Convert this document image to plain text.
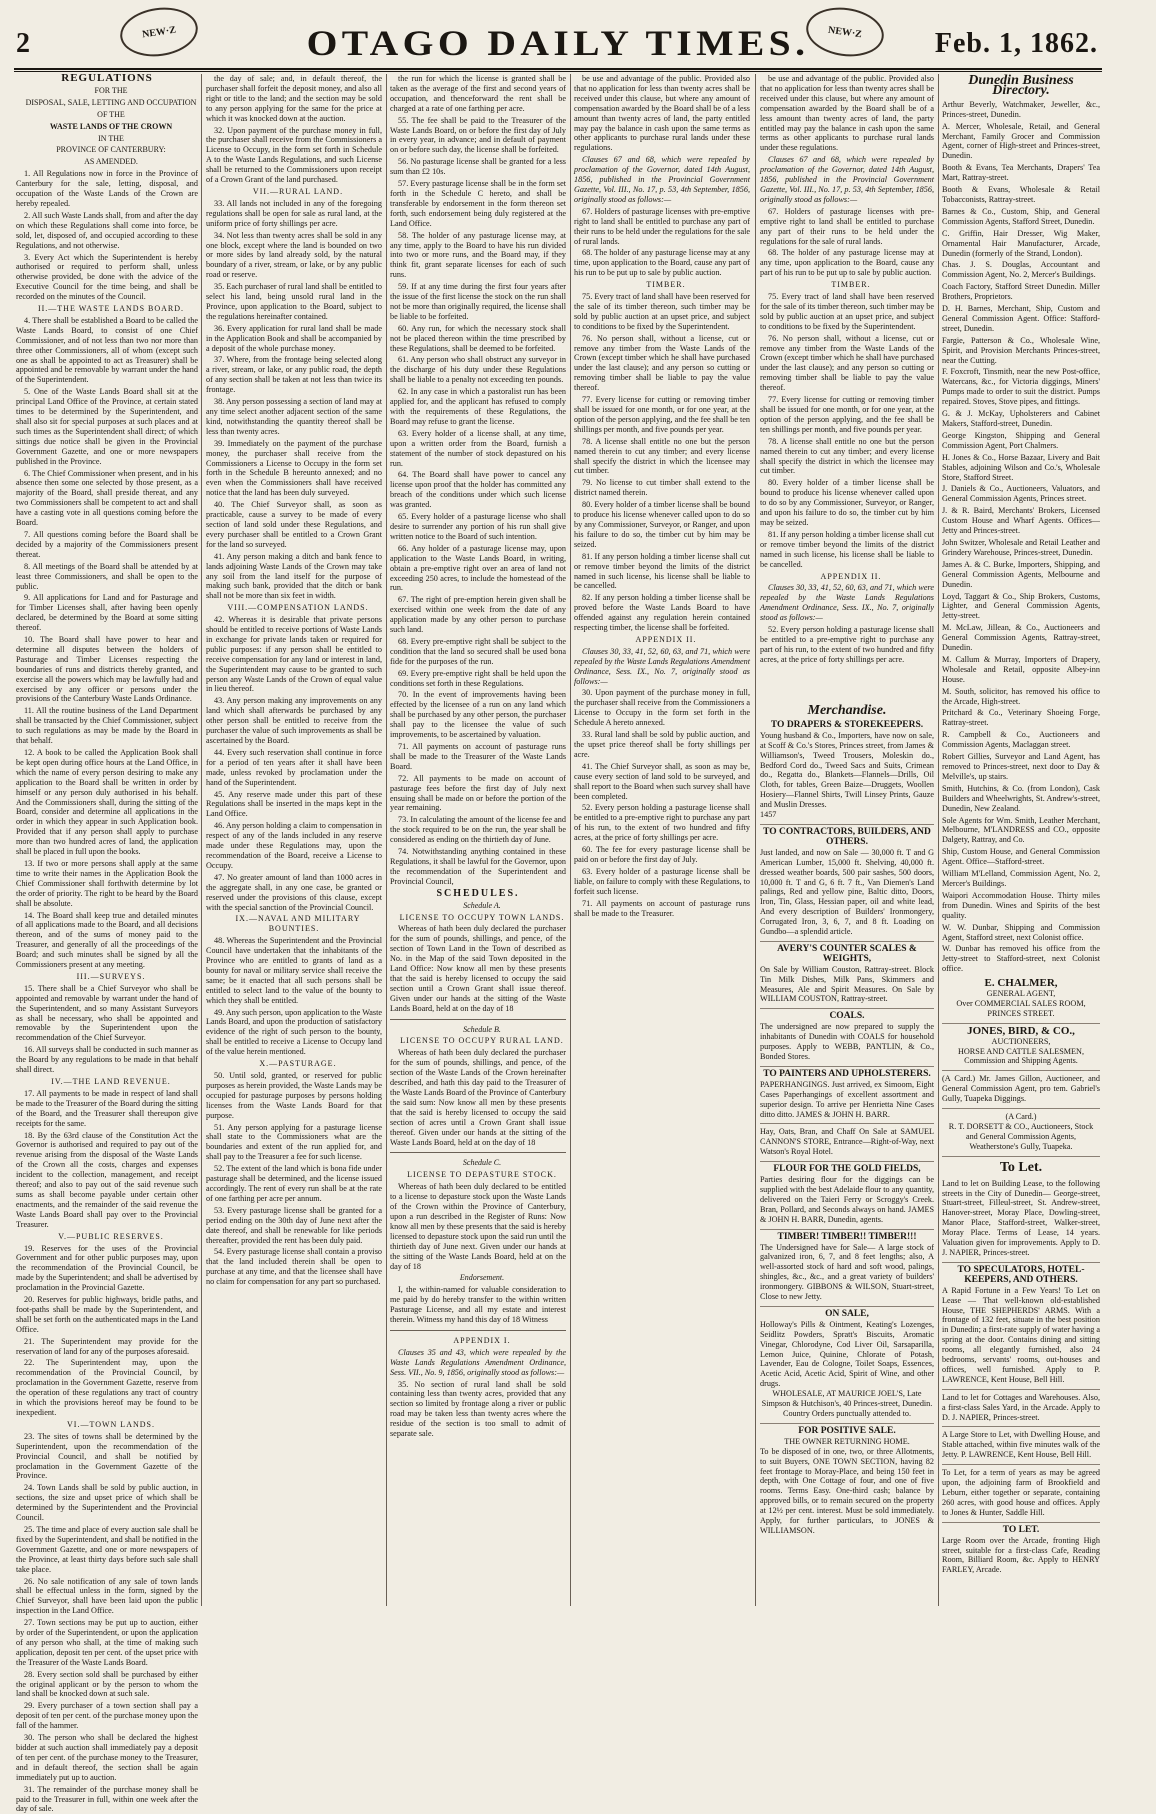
2	NEW·Z	OTAGO DAILY TIMES.	NEW·Z	Feb. 1, 1862.

REGULATIONS

FOR THE

DISPOSAL, SALE, LETTING AND OCCUPATION

OF THE

WASTE LANDS OF THE CROWN

IN THE

PROVINCE OF CANTERBURY:

AS AMENDED.

1. All Regulations now in force in the Province of Canterbury for the sale, letting, disposal, and occupation of the Waste Lands of the Crown are hereby repealed.

2. All such Waste Lands shall, from and after the day on which these Regulations shall come into force, be sold, let, disposed of, and occupied according to these Regulations, and not otherwise.

3. Every Act which the Superintendent is hereby authorised or required to perform shall, unless otherwise provided, be done with the advice of the Executive Council for the time being, and shall be recorded on the minutes of the Council.

II.—THE WASTE LANDS BOARD.

4. There shall be established a Board to be called the Waste Lands Board, to consist of one Chief Commissioner, and of not less than two nor more than three other Commissioners, all of whom (except such one as shall be appointed to act as Treasurer) shall be appointed and be removable by warrant under the hand of the Superintendent.

5. One of the Waste Lands Board shall sit at the principal Land Office of the Province, at certain stated times to be determined by the Superintendent, and shall also sit for special purposes at such places and at such times as the Superintendent shall direct; of which sittings due notice shall be given in the Provincial Government Gazette, and one or more newspapers published in the Province.

6. The Chief Commissioner when present, and in his absence then some one selected by those present, as a majority of the Board, shall preside thereat, and any two Commissioners shall be competent to act and shall have a casting vote in all questions coming before the Board.

7. All questions coming before the Board shall be decided by a majority of the Commissioners present thereat.

8. All meetings of the Board shall be attended by at least three Commissioners, and shall be open to the public.

9. All applications for Land and for Pasturage and for Timber Licenses shall, after having been openly declared, be determined by the Board at some sitting thereof.

10. The Board shall have power to hear and determine all disputes between the holders of Pasturage and Timber Licenses respecting the boundaries of runs and districts thereby granted, and exercise all the powers which may be lawfully had and exercised by any officer or persons under the provisions of the Canterbury Waste Lands Ordinance.

11. All the routine business of the Land Department shall be transacted by the Chief Commissioner, subject to such regulations as may be made by the Board in that behalf.

12. A book to be called the Application Book shall be kept open during office hours at the Land Office, in which the name of every person desiring to make any application to the Board shall be written in order by himself or any person duly authorised in his behalf. And the Commissioners shall, during the sitting of the Board, consider and determine all applications in the order in which they appear in such Application book. Provided that if any person shall apply to purchase more than two hundred acres of land, the application shall be placed in full upon the books.

13. If two or more persons shall apply at the same time to write their names in the Application Book the Chief Commissioner shall forthwith determine by lot the order of priority. The right to be heard by the Board shall be absolute.

14. The Board shall keep true and detailed minutes of all applications made to the Board, and all decisions thereon, and of the sums of money paid to the Treasurer, and generally of all the proceedings of the Board; and such minutes shall be signed by all the Commissioners present at any meeting.

III.—SURVEYS.

15. There shall be a Chief Surveyor who shall be appointed and removable by warrant under the hand of the Superintendent, and so many Assistant Surveyors as shall be necessary, who shall be appointed and removable by the Superintendent upon the recommendation of the Chief Surveyor.

16. All surveys shall be conducted in such manner as the Board by any regulations to be made in that behalf shall direct.

IV.—THE LAND REVENUE.

17. All payments to be made in respect of land shall be made to the Treasurer of the Board during the sitting of the Board, and the Treasurer shall thereupon give receipts for the same.

18. By the 63rd clause of the Constitution Act the Governor is authorised and required to pay out of the revenue arising from the disposal of the Waste Lands of the Crown all the costs, charges and expenses incident to the collection, management, and receipt thereof; and also to pay out of the said revenue such sums as shall become payable under certain other enactments, and the remainder of the said revenue the Waste Lands Board shall pay over to the Provincial Treasurer.

V.—PUBLIC RESERVES.

19. Reserves for the uses of the Provincial Government and for other public purposes may, upon the recommendation of the Provincial Council, be made by the Superintendent; and shall be advertised by proclamation in the Provincial Gazette.

20. Reserves for public highways, bridle paths, and foot-paths shall be made by the Superintendent, and shall be set forth on the authenticated maps in the Land Office.

21. The Superintendent may provide for the reservation of land for any of the purposes aforesaid.

22. The Superintendent may, upon the recommendation of the Provincial Council, by proclamation in the Government Gazette, reserve from the operation of these regulations any tract of country in which the provisions hereof may be found to be inexpedient.

VI.—TOWN LANDS.

23. The sites of towns shall be determined by the Superintendent, upon the recommendation of the Provincial Council, and shall be notified by proclamation in the Government Gazette of the Province.

24. Town Lands shall be sold by public auction, in sections, the size and upset price of which shall be determined by the Superintendent and the Provincial Council.

25. The time and place of every auction sale shall be fixed by the Superintendent, and shall be notified in the Government Gazette, and one or more newspapers of the Province, at least thirty days before such sale shall take place.

26. No sale notification of any sale of town lands shall be effectual unless in the form, signed by the Chief Surveyor, shall have been laid upon the public inspection in the Land Office.

27. Town sections may be put up to auction, either by order of the Superintendent, or upon the application of any person who shall, at the time of making such application, deposit ten per cent. of the upset price with the Treasurer of the Waste Lands Board.

28. Every section sold shall be purchased by either the original applicant or by the person to whom the land shall be knocked down at such sale.

29. Every purchaser of a town section shall pay a deposit of ten per cent. of the purchase money upon the fall of the hammer.

30. The person who shall be declared the highest bidder at such auction shall immediately pay a deposit of ten per cent. of the purchase money to the Treasurer, and in default thereof, the section shall be again immediately put up to auction.

31. The remainder of the purchase money shall be paid to the Treasurer in full, within one week after the day of sale.

the day of sale; and, in default thereof, the purchaser shall forfeit the deposit money, and also all right or title to the land; and the section may be sold to any person applying for the same for the price at which it was knocked down at the auction.

32. Upon payment of the purchase money in full, the purchaser shall receive from the Commissioners a License to Occupy, in the form set forth in Schedule A to the Waste Lands Regulations, and such License shall be returned to the Commissioners upon receipt of a Crown Grant of the land purchased.

VII.—RURAL LAND.

33. All lands not included in any of the foregoing regulations shall be open for sale as rural land, at the uniform price of forty shillings per acre.

34. Not less than twenty acres shall be sold in any one block, except where the land is bounded on two or more sides by land already sold, by the natural boundary of a river, stream, or lake, or by any public road or reserve.

35. Each purchaser of rural land shall be entitled to select his land, being unsold rural land in the Province, upon application to the Board, subject to the regulations hereinafter contained.

36. Every application for rural land shall be made in the Application Book and shall be accompanied by a deposit of the whole purchase money.

37. Where, from the frontage being selected along a river, stream, or lake, or any public road, the depth of any section shall be taken at not less than twice its frontage.

38. Any person possessing a section of land may at any time select another adjacent section of the same kind, notwithstanding the quantity thereof shall be less than twenty acres.

39. Immediately on the payment of the purchase money, the purchaser shall receive from the Commissioners a License to Occupy in the form set forth in the Schedule B hereunto annexed; and no even when the Commissioners shall have received notice that the land has been duly surveyed.

40. The Chief Surveyor shall, as soon as practicable, cause a survey to be made of every section of land sold under these Regulations, and every purchaser shall be entitled to a Crown Grant for the land so surveyed.

41. Any person making a ditch and bank fence to lands adjoining Waste Lands of the Crown may take any soil from the land itself for the purpose of making such bank, provided that the ditch or bank shall not be more than six feet in width.

VIII.—COMPENSATION LANDS.

42. Whereas it is desirable that private persons should be entitled to receive portions of Waste Lands in exchange for private lands taken or required for public purposes: if any person shall be entitled to receive compensation for any land or interest in land, the Superintendent may cause to be granted to such person any Waste Lands of the Crown of equal value in lieu thereof.

43. Any person making any improvements on any land which shall afterwards be purchased by any other person shall be entitled to receive from the purchaser the value of such improvements as shall be ascertained by the Board.

44. Every such reservation shall continue in force for a period of ten years after it shall have been made, unless revoked by proclamation under the hand of the Superintendent.

45. Any reserve made under this part of these Regulations shall be inserted in the maps kept in the Land Office.

46. Any person holding a claim to compensation in respect of any of the lands included in any reserve made under these Regulations may, upon the recommendation of the Board, receive a License to Occupy.

47. No greater amount of land than 1000 acres in the aggregate shall, in any one case, be granted or reserved under the provisions of this clause, except with the special sanction of the Provincial Council.

IX.—NAVAL AND MILITARY BOUNTIES.

48. Whereas the Superintendent and the Provincial Council have undertaken that the inhabitants of the Province who are entitled to grants of land as a bounty for naval or military service shall receive the same; be it enacted that all such persons shall be entitled to select land to the value of the bounty to which they shall be entitled.

49. Any such person, upon application to the Waste Lands Board, and upon the production of satisfactory evidence of the right of such person to the bounty, shall be entitled to receive a License to Occupy land of the value herein mentioned.

X.—PASTURAGE.

50. Until sold, granted, or reserved for public purposes as herein provided, the Waste Lands may be occupied for pasturage purposes by persons holding licenses from the Waste Lands Board for that purpose.

51. Any person applying for a pasturage license shall state to the Commissioners what are the boundaries and extent of the run applied for, and shall pay to the Treasurer a fee for such license.

52. The extent of the land which is bona fide under pasturage shall be determined, and the license issued accordingly. The rent of every run shall be at the rate of one farthing per acre per annum.

53. Every pasturage license shall be granted for a period ending on the 30th day of June next after the date thereof, and shall be renewable for like periods thereafter, provided the rent has been duly paid.

54. Every pasturage license shall contain a proviso that the land included therein shall be open to purchase at any time, and that the licensee shall have no claim for compensation for any part so purchased.

the run for which the license is granted shall be taken as the average of the first and second years of occupation, and thenceforward the rent shall be charged at a rate of one farthing per acre.

55. The fee shall be paid to the Treasurer of the Waste Lands Board, on or before the first day of July in every year, in advance; and in default of payment on or before such day, the license shall be forfeited.

56. No pasturage license shall be granted for a less sum than £2 10s.

57. Every pasturage license shall be in the form set forth in the Schedule C hereto, and shall be transferable by endorsement in the form thereon set forth, such endorsement being duly registered at the Land Office.

58. The holder of any pasturage license may, at any time, apply to the Board to have his run divided into two or more runs, and the Board may, if they think fit, grant separate licenses for each of such runs.

59. If at any time during the first four years after the issue of the first license the stock on the run shall not be more than originally required, the license shall be liable to be forfeited.

60. Any run, for which the necessary stock shall not be placed thereon within the time prescribed by these Regulations, shall be deemed to be forfeited.

61. Any person who shall obstruct any surveyor in the discharge of his duty under these Regulations shall be liable to a penalty not exceeding ten pounds.

62. In any case in which a pastoralist run has been applied for, and the applicant has refused to comply with the requirements of these Regulations, the Board may refuse to grant the license.

63. Every holder of a license shall, at any time, upon a written order from the Board, furnish a statement of the number of stock depastured on his run.

64. The Board shall have power to cancel any license upon proof that the holder has committed any breach of the conditions under which such license was granted.

65. Every holder of a pasturage license who shall desire to surrender any portion of his run shall give written notice to the Board of such intention.

66. Any holder of a pasturage license may, upon application to the Waste Lands Board, in writing, obtain a pre-emptive right over an area of land not exceeding 250 acres, to include the homestead of the run.

67. The right of pre-emption herein given shall be exercised within one week from the date of any application made by any other person to purchase such land.

68. Every pre-emptive right shall be subject to the condition that the land so secured shall be used bona fide for the purposes of the run.

69. Every pre-emptive right shall be held upon the conditions set forth in these Regulations.

70. In the event of improvements having been effected by the licensee of a run on any land which shall be purchased by any other person, the purchaser shall pay to the licensee the value of such improvements, to be ascertained by valuation.

71. All payments on account of pasturage runs shall be made to the Treasurer of the Waste Lands Board.

72. All payments to be made on account of pasturage fees before the first day of July next ensuing shall be made on or before the portion of the year remaining.

73. In calculating the amount of the license fee and the stock required to be on the run, the year shall be considered as ending on the thirtieth day of June.

74. Notwithstanding anything contained in these Regulations, it shall be lawful for the Governor, upon the recommendation of the Superintendent and Provincial Council,

SCHEDULES.

Schedule A.

LICENSE TO OCCUPY TOWN LANDS.

Whereas of hath been duly declared the purchaser for the sum of pounds, shillings, and pence, of the section of Town Land in the Town of described as No. in the Map of the said Town deposited in the Land Office: Now know all men by these presents that the said is hereby licensed to occupy the said section until a Crown Grant shall issue thereof. Given under our hands at the sitting of the Waste Lands Board, held at on the day of 18

Schedule B.

LICENSE TO OCCUPY RURAL LAND.

Whereas of hath been duly declared the purchaser for the sum of pounds, shillings, and pence, of the section of the Waste Lands of the Crown hereinafter described, and hath this day paid to the Treasurer of the Waste Lands Board of the Province of Canterbury the said sum: Now know all men by these presents that the said is hereby licensed to occupy the said section of acres until a Crown Grant shall issue thereof. Given under our hands at the sitting of the Waste Lands Board, held at on the day of 18

Schedule C.

LICENSE TO DEPASTURE STOCK.

Whereas of hath been duly declared to be entitled to a license to depasture stock upon the Waste Lands of the Crown within the Province of Canterbury, upon a run described in the Register of Runs: Now know all men by these presents that the said is hereby licensed to depasture stock upon the said run until the thirtieth day of June next. Given under our hands at the sitting of the Waste Lands Board, held at on the day of 18

Endorsement.

I, the within-named for valuable consideration to me paid by do hereby transfer to the within written Pasturage License, and all my estate and interest therein. Witness my hand this day of 18 Witness

APPENDIX I.

Clauses 35 and 43, which were repealed by the Waste Lands Regulations Amendment Ordinance, Sess. VII., No. 9, 1856, originally stood as follows:—

35. No section of rural land shall be sold containing less than twenty acres, provided that any section so limited by frontage along a river or public road may be taken less than twenty acres where the residue of the section is too small to admit of separate sale.

be use and advantage of the public. Provided also that no application for less than twenty acres shall be received under this clause, but where any amount of compensation awarded by the Board shall be of a less amount than twenty acres of land, the party entitled may pay the balance in cash upon the same terms as other applicants to purchase rural lands under these regulations.

Clauses 67 and 68, which were repealed by proclamation of the Governor, dated 14th August, 1856, published in the Provincial Government Gazette, Vol. III., No. 17, p. 53, 4th September, 1856, originally stood as follows:—

67. Holders of pasturage licenses with pre-emptive right to land shall be entitled to purchase any part of their runs to be held under the regulations for the sale of rural lands.

68. The holder of any pasturage license may at any time, upon application to the Board, cause any part of his run to be put up to sale by public auction.

TIMBER.

75. Every tract of land shall have been reserved for the sale of its timber thereon, such timber may be sold by public auction at an upset price, and subject to conditions to be fixed by the Superintendent.

76. No person shall, without a license, cut or remove any timber from the Waste Lands of the Crown (except timber which he shall have purchased under the last clause); and any person so cutting or removing timber shall be liable to pay the value thereof.

77. Every license for cutting or removing timber shall be issued for one month, or for one year, at the option of the person applying, and the fee shall be ten shillings per month, and five pounds per year.

78. A license shall entitle no one but the person named therein to cut any timber; and every license shall specify the district in which the licensee may cut timber.

79. No license to cut timber shall extend to the district named therein.

80. Every holder of a timber license shall be bound to produce his license whenever called upon to do so by any Commissioner, Surveyor, or Ranger, and upon his failure to do so, the timber cut by him may be seized.

81. If any person holding a timber license shall cut or remove timber beyond the limits of the district named in such license, his license shall be liable to be cancelled.

82. If any person holding a timber license shall be proved before the Waste Lands Board to have offended against any regulation herein contained respecting timber, the license shall be forfeited.

APPENDIX II.

Clauses 30, 33, 41, 52, 60, 63, and 71, which were repealed by the Waste Lands Regulations Amendment Ordinance, Sess. IX., No. 7, originally stood as follows:—

30. Upon payment of the purchase money in full, the purchaser shall receive from the Commissioners a License to Occupy in the form set forth in the Schedule A hereto annexed.

33. Rural land shall be sold by public auction, and the upset price thereof shall be forty shillings per acre.

41. The Chief Surveyor shall, as soon as may be, cause every section of land sold to be surveyed, and shall report to the Board when such survey shall have been completed.

52. Every person holding a pasturage license shall be entitled to a pre-emptive right to purchase any part of his run, to the extent of two hundred and fifty acres, at the price of forty shillings per acre.

60. The fee for every pasturage license shall be paid on or before the first day of July.

63. Every holder of a pasturage license shall be liable, on failure to comply with these Regulations, to forfeit such license.

71. All payments on account of pasturage runs shall be made to the Treasurer.

Merchandise.
TO DRAPERS & STOREKEEPERS.
Young husband & Co., Importers, have now on sale, at Scoff & Co.'s Stores, Princes street, from James & Williamson's, Tweed Trousers, Moleskin do., Bedford Cord do., Tweed Sacs and Suits, Crimean do., Regatta do., Blankets—Flannels—Drills, Oil Cloth, for tables, Green Baize—Druggets, Woollen Hosiery—Flannel Shirts, Twill Linsey Prints, Gauze and Muslin Dresses.
1457
TO CONTRACTORS, BUILDERS, AND OTHERS.
Just landed, and now on Sale — 30,000 ft. T and G American Lumber, 15,000 ft. Shelving, 40,000 ft. dressed weather boards, 500 pair sashes, 500 doors, 10,000 ft. T and G, 6 ft. 7 ft., Van Diemen's Land palings, Red and yellow pine, Baltic ditto, Doors, Iron, Tin, Glass, Hessian paper, oil and white lead, And every description of Builders' Ironmongery, Corrugated Iron, 3, 6, 7, and 8 ft. Loading on Gundbo—a splendid article.
AVERY'S COUNTER SCALES & WEIGHTS,
On Sale by William Couston, Rattray-street. Block Tin Milk Dishes, Milk Pans, Skimmers and Measures, Ale and Spirit Measures. On Sale by WILLIAM COUSTON, Rattray-street.
COALS.
The undersigned are now prepared to supply the inhabitants of Dunedin with COALS for household purposes. Apply to WEBB, PANTLIN, & Co., Bonded Stores.
TO PAINTERS AND UPHOLSTERERS.
PAPERHANGINGS. Just arrived, ex Simoom, Eight Cases Paperhangings of excellent assortment and superior design. To arrive per Henrietta Nine Cases ditto ditto. JAMES & JOHN H. BARR.
Hay, Oats, Bran, and Chaff On Sale at SAMUEL CANNON'S STORE, Entrance—Right-of-Way, next Watson's Royal Hotel.
FLOUR FOR THE GOLD FIELDS,
Parties desiring flour for the diggings can be supplied with the best Adelaide flour to any quantity, delivered on the Taieri Ferry or Scroggy's Creek. Bran, Pollard, and Seconds always on hand. JAMES & JOHN H. BARR, Dunedin, agents.
TIMBER! TIMBER!! TIMBER!!!
The Undersigned have for Sale— A large stock of galvanized iron, 6, 7, and 8 feet lengths; also, A well-assorted stock of hard and soft wood, palings, shingles, &c., &c., and a great variety of builders' ironmongery. GIBBONS & WILSON, Stuart-street, Close to new Jetty.
ON SALE,
Holloway's Pills & Ointment, Keating's Lozenges, Seidlitz Powders, Spratt's Biscuits, Aromatic Vinegar, Chlorodyne, Cod Liver Oil, Sarsaparilla, Lemon Juice, Quinine, Chlorate of Potash, Lavender, Eau de Cologne, Toilet Soaps, Essences, Acetic Acid, Acetic Acid, Spirit of Wine, and other drugs.
WHOLESALE, AT MAURICE JOEL'S, Late Simpson & Hutchison's, 40 Princes-street, Dunedin. Country Orders punctually attended to.
FOR POSITIVE SALE.
THE OWNER RETURNING HOME.
To be disposed of in one, two, or three Allotments, to suit Buyers, ONE TOWN SECTION, having 82 feet frontage to Moray-Place, and being 150 feet in depth, with One Cottage of four, and one of five rooms. Terms Easy. One-third cash; balance by approved bills, or to remain secured on the property at 12½ per cent. interest. Must be sold immediately. Apply, for further particulars, to JONES & WILLIAMSON.

be use and advantage of the public. Provided also that no application for less than twenty acres shall be received under this clause, but where any amount of compensation awarded by the Board shall be of a less amount than twenty acres of land, the party entitled may pay the balance in cash upon the same terms as other applicants to purchase rural lands under these regulations.

Clauses 67 and 68, which were repealed by proclamation of the Governor, dated 14th August, 1856, published in the Provincial Government Gazette, Vol. III., No. 17, p. 53, 4th September, 1856, originally stood as follows:—

67. Holders of pasturage licenses with pre-emptive right to land shall be entitled to purchase any part of their runs to be held under the regulations for the sale of rural lands.

68. The holder of any pasturage license may at any time, upon application to the Board, cause any part of his run to be put up to sale by public auction.

TIMBER.

75. Every tract of land shall have been reserved for the sale of its timber thereon, such timber may be sold by public auction at an upset price, and subject to conditions to be fixed by the Superintendent.

76. No person shall, without a license, cut or remove any timber from the Waste Lands of the Crown (except timber which he shall have purchased under the last clause); and any person so cutting or removing timber shall be liable to pay the value thereof.

77. Every license for cutting or removing timber shall be issued for one month, or for one year, at the option of the person applying, and the fee shall be ten shillings per month, and five pounds per year.

78. A license shall entitle no one but the person named therein to cut any timber; and every license shall specify the district in which the licensee may cut timber.

80. Every holder of a timber license shall be bound to produce his license whenever called upon to do so by any Commissioner, Surveyor, or Ranger, and upon his failure to do so, the timber cut by him may be seized.

81. If any person holding a timber license shall cut or remove timber beyond the limits of the district named in such license, his license shall be liable to be cancelled.

APPENDIX II.

Clauses 30, 33, 41, 52, 60, 63, and 71, which were repealed by the Waste Lands Regulations Amendment Ordinance, Sess. IX., No. 7, originally stood as follows:—

52. Every person holding a pasturage license shall be entitled to a pre-emptive right to purchase any part of his run, to the extent of two hundred and fifty acres, at the price of forty shillings per acre.

Dunedin Business Directory.

Arthur Beverly, Watchmaker, Jeweller, &c., Princes-street, Dunedin.

A. Mercer, Wholesale, Retail, and General Merchant, Family Grocer and Commission Agent, corner of High-street and Princes-street, Dunedin.

Booth & Evans, Tea Merchants, Drapers' Tea Mart, Rattray-street.

Booth & Evans, Wholesale & Retail Tobacconists, Rattray-street.

Barnes & Co., Custom, Ship, and General Commission Agents, Stafford Street, Dunedin.

C. Griffin, Hair Dresser, Wig Maker, Ornamental Hair Manufacturer, Arcade, Dunedin (formerly of the Strand, London).

Chas. J. S. Douglas, Accountant and Commission Agent, No. 2, Mercer's Buildings.

Coach Factory, Stafford Street Dunedin. Miller Brothers, Proprietors.

D. H. Barnes, Merchant, Ship, Custom and General Commission Agent. Office: Stafford-street, Dunedin.

Fargie, Patterson & Co., Wholesale Wine, Spirit, and Provision Merchants Princes-street, near the Cutting.

F. Foxcroft, Tinsmith, near the new Post-office, Watercans, &c., for Victoria diggings, Miners' Pumps made to order to suit the district. Pumps repaired. Stoves, Stove pipes, and fittings.

G. & J. McKay, Upholsterers and Cabinet Makers, Stafford-street, Dunedin.

George Kingston, Shipping and General Commission Agent, Port Chalmers.

H. Jones & Co., Horse Bazaar, Livery and Bait Stables, adjoining Wilson and Co.'s, Wholesale Store, Stafford Street.

J. Daniels & Co., Auctioneers, Valuators, and General Commission Agents, Princes street.

J. & R. Baird, Merchants' Brokers, Licensed Custom House and Wharf Agents. Offices—Jetty and Princes-street.

John Switzer, Wholesale and Retail Leather and Grindery Warehouse, Princes-street, Dunedin.

James A. & C. Burke, Importers, Shipping, and General Commission Agents, Melbourne and Dunedin.

Loyd, Taggart & Co., Ship Brokers, Customs, Lighter, and General Commission Agents, Jetty-street.

M. McLaw, Jillean, & Co., Auctioneers and General Commission Agents, Rattray-street, Dunedin.

M. Callum & Murray, Importers of Drapery, Wholesale and Retail, opposite Albey-inn House.

M. South, solicitor, has removed his office to the Arcade, High-street.

Pritchard & Co., Veterinary Shoeing Forge, Rattray-street.

R. Campbell & Co., Auctioneers and Commission Agents, Maclaggan street.

Robert Gillies, Surveyor and Land Agent, has removed to Princes-street, next door to Day & Melville's, up stairs.

Smith, Hutchins, & Co. (from London), Cask Builders and Wheelwrights, St. Andrew's-street, Dunedin, New Zealand.

Sole Agents for Wm. Smith, Leather Merchant, Melbourne, M'LANDRESS and CO., opposite Dalgety, Rattray, and Co.

Ship, Custom House, and General Commission Agent. Office—Stafford-street.

William M'Lelland, Commission Agent, No. 2, Mercer's Buildings.

Waipori Accommodation House. Thirty miles from Dunedin. Wines and Spirits of the best quality.

W. W. Dunbar, Shipping and Commission Agent, Stafford street, next Colonist office.

W. Dunbar has removed his office from the Jetty-street to Stafford-street, next Colonist office.

E. CHALMER,
GENERAL AGENT,
Over COMMERCIAL SALES ROOM, PRINCES STREET.
JONES, BIRD, & CO.,
AUCTIONEERS,
HORSE AND CATTLE SALESMEN, Commission and Shipping Agents.
(A Card.) Mr. James Gillon, Auctioneer, and General Commission Agent, pro tem. Gabriel's Gully, Tuapeka Diggings.
(A Card.)
R. T. DORSETT & CO., Auctioneers, Stock and General Commission Agents, Weatherstone's Gully, Tuapeka.
To Let.
Land to let on Building Lease, to the following streets in the City of Dunedin— George-street, Stuart-street, Filleul-street, St. Andrew-street, Hanover-street, Moray Place, Dowling-street, Manor Place, Stafford-street, Walker-street, Moray Place. Terms of Lease, 14 years. Valuation given for improvements. Apply to D. J. NAPIER, Princes-street.
TO SPECULATORS, HOTEL-KEEPERS, AND OTHERS.
A Rapid Fortune in a Few Years! To Let on Lease — That well-known old-established House, THE SHEPHERDS' ARMS. With a frontage of 132 feet, situate in the best position in Dunedin; a first-rate supply of water having a spring at the door. Contains dining and sitting rooms, all elegantly furnished, also 24 bedrooms, servants' rooms, out-houses and offices, well furnished. Apply to P. LAWRENCE, Kent House, Bell Hill.
Land to let for Cottages and Warehouses. Also, a first-class Sales Yard, in the Arcade. Apply to D. J. NAPIER, Princes-street.
A Large Store to Let, with Dwelling House, and Stable attached, within five minutes walk of the Jetty. P. LAWRENCE, Kent House, Bell Hill.
To Let, for a term of years as may be agreed upon, the adjoining farm of Brookfield and Leburn, either together or separate, containing 260 acres, with good house and offices. Apply to Jones & Hunter, Saddle Hill.
TO LET.
Large Room over the Arcade, fronting High street, suitable for a first-class Cafe, Reading Room, Billiard Room, &c. Apply to HENRY FARLEY, Arcade.
